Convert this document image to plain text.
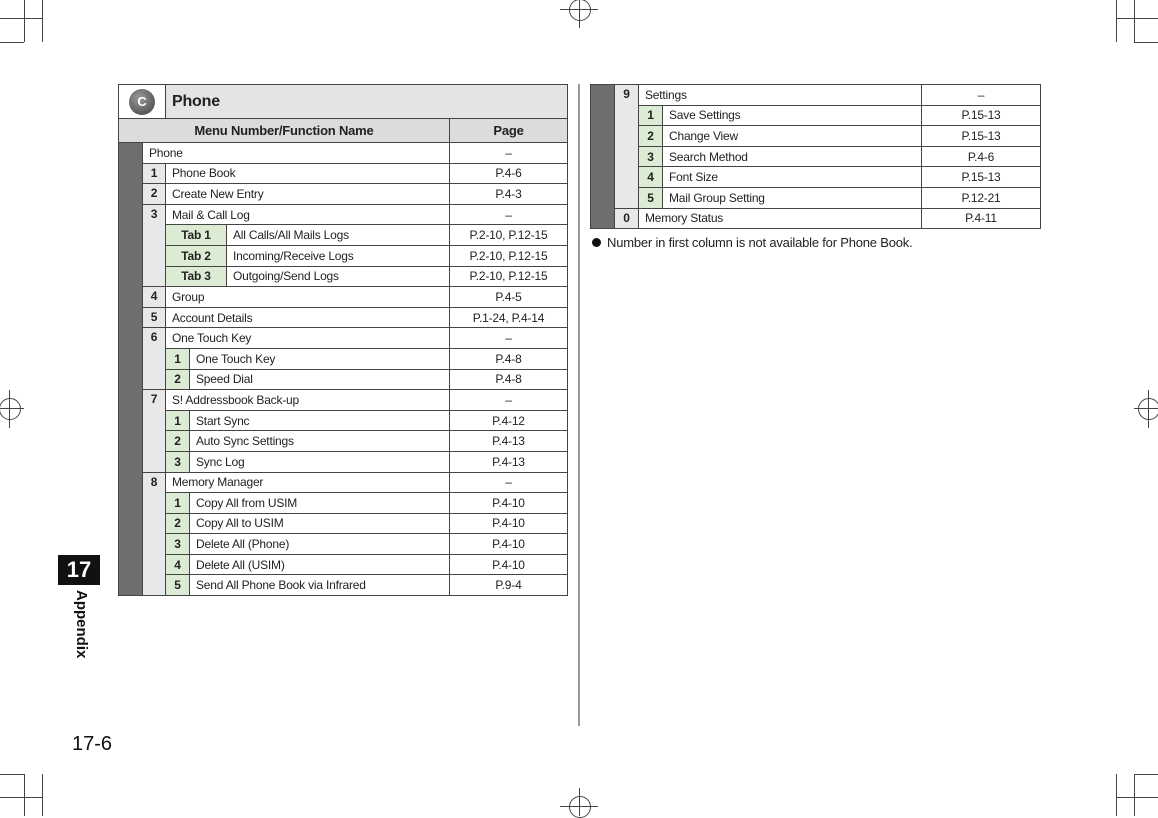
C		Phone			
Menu Number/Function Name					Page
	Phone				–
	1	Phone Book			P.4-6
	2	Create New Entry			P.4-3
	3	Mail & Call Log			–
		Tab 1		All Calls/All Mails Logs	P.2-10, P.12-15
		Tab 2		Incoming/Receive Logs	P.2-10, P.12-15
		Tab 3		Outgoing/Send Logs	P.2-10, P.12-15
	4	Group			P.4-5
	5	Account Details			P.1-24, P.4-14
	6	One Touch Key			–
		1	One Touch Key		P.4-8
		2	Speed Dial		P.4-8
	7	S! Addressbook Back-up			–
		1	Start Sync		P.4-12
		2	Auto Sync Settings		P.4-13
		3	Sync Log		P.4-13
	8	Memory Manager			–
		1	Copy All from USIM		P.4-10
		2	Copy All to USIM		P.4-10
		3	Delete All (Phone)		P.4-10
		4	Delete All (USIM)		P.4-10
		5	Send All Phone Book via Infrared		P.9-4
	9	Settings		–
		1	Save Settings	P.15-13
		2	Change View	P.15-13
		3	Search Method	P.4-6
		4	Font Size	P.15-13
		5	Mail Group Setting	P.12-21
	0	Memory Status		P.4-11
Number in first column is not available for Phone Book.
17
Appendix
17-6
